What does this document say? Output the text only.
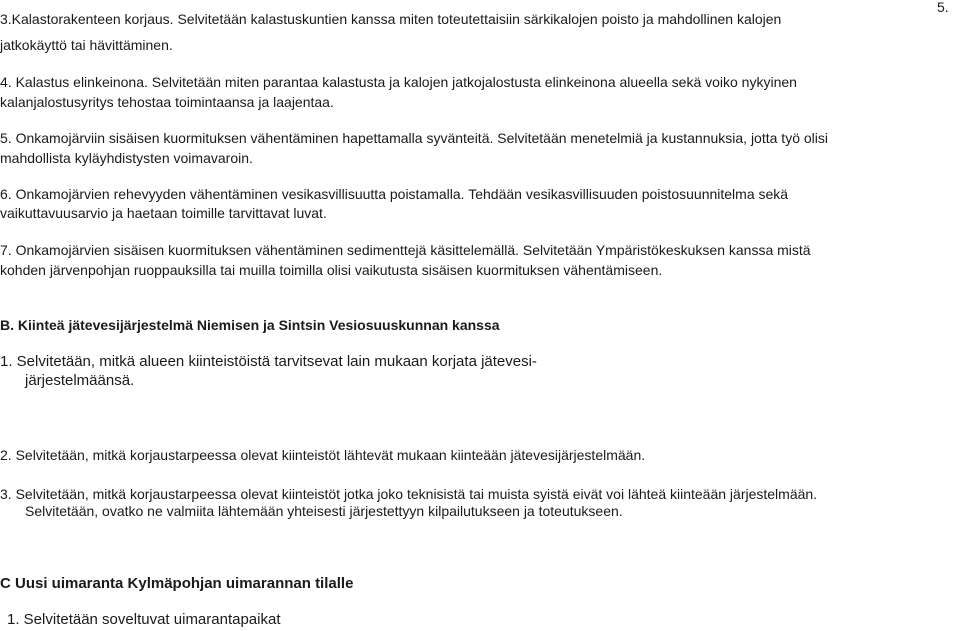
5.
3.Kalastorakenteen korjaus. Selvitetään kalastuskuntien kanssa miten toteutettaisiin särkikalojen poisto ja mahdollinen kalojen
jatkokäyttö tai hävittäminen.
4. Kalastus elinkeinona. Selvitetään miten parantaa kalastusta ja kalojen jatkojalostusta elinkeinona alueella sekä voiko nykyinen
kalanjalostusyritys tehostaa toimintaansa ja laajentaa.
5. Onkamojärviin sisäisen kuormituksen vähentäminen hapettamalla syvänteitä. Selvitetään menetelmiä ja kustannuksia, jotta työ olisi
mahdollista kyläyhdistysten voimavaroin.
6. Onkamojärvien rehevyyden vähentäminen vesikasvillisuutta poistamalla. Tehdään vesikasvillisuuden poistosuunnitelma sekä
vaikuttavuusarvio ja haetaan toimille tarvittavat luvat.
7. Onkamojärvien sisäisen kuormituksen vähentäminen sedimenttejä käsittelemällä. Selvitetään Ympäristökeskuksen kanssa mistä
kohden järvenpohjan ruoppauksilla tai muilla toimilla olisi vaikutusta sisäisen kuormituksen vähentämiseen.
B. Kiinteä jätevesijärjestelmä Niemisen ja Sintsin Vesiosuuskunnan kanssa
1. Selvitetään, mitkä alueen kiinteistöistä tarvitsevat lain mukaan korjata jätevesi-
järjestelmäänsä.
2. Selvitetään, mitkä korjaustarpeessa olevat kiinteistöt lähtevät mukaan kiinteään jätevesijärjestelmään.
3. Selvitetään, mitkä korjaustarpeessa olevat kiinteistöt jotka joko teknisistä tai muista syistä eivät voi lähteä kiinteään järjestelmään.
Selvitetään, ovatko ne valmiita lähtemään yhteisesti järjestettyyn kilpailutukseen ja toteutukseen.
C Uusi uimaranta Kylmäpohjan uimarannan tilalle
1. Selvitetään soveltuvat uimarantapaikat
